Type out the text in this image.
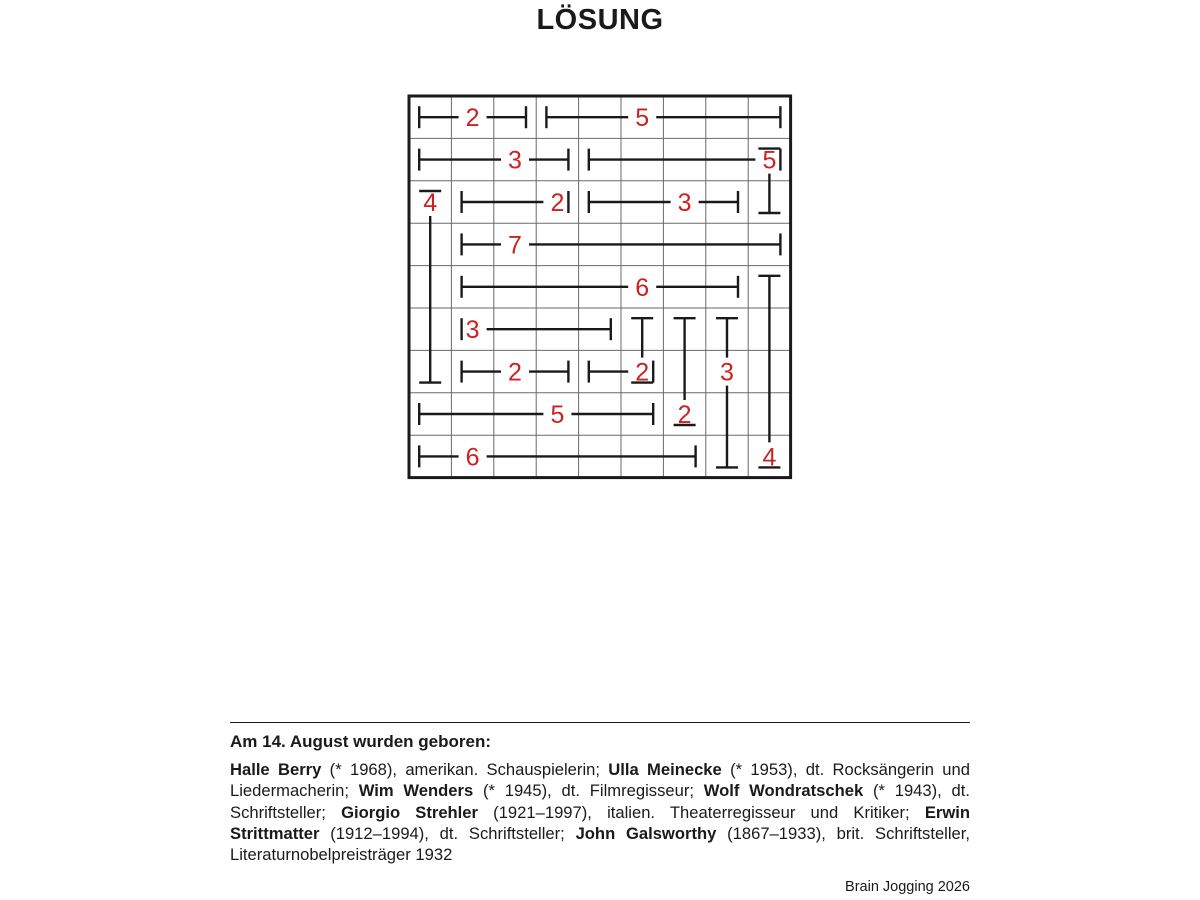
LÖSUNG
2	5
3	5
4	2	3
7
6
3
2	2	3
5	2
6	4
Am 14. August wurden geboren:

Halle Berry (* 1968), amerikan. Schauspielerin; Ulla Meinecke (* 1953), dt. Rocksängerin und Liedermacherin; Wim Wenders (* 1945), dt. Filmregisseur; Wolf Wondratschek (* 1943), dt. Schriftsteller; Giorgio Strehler (1921–1997), italien. Theaterregisseur und Kritiker; Erwin Strittmatter (1912–1994), dt. Schriftsteller; John Galsworthy (1867–1933), brit. Schriftsteller, Literaturnobelpreisträger 1932

Brain Jogging 2026
